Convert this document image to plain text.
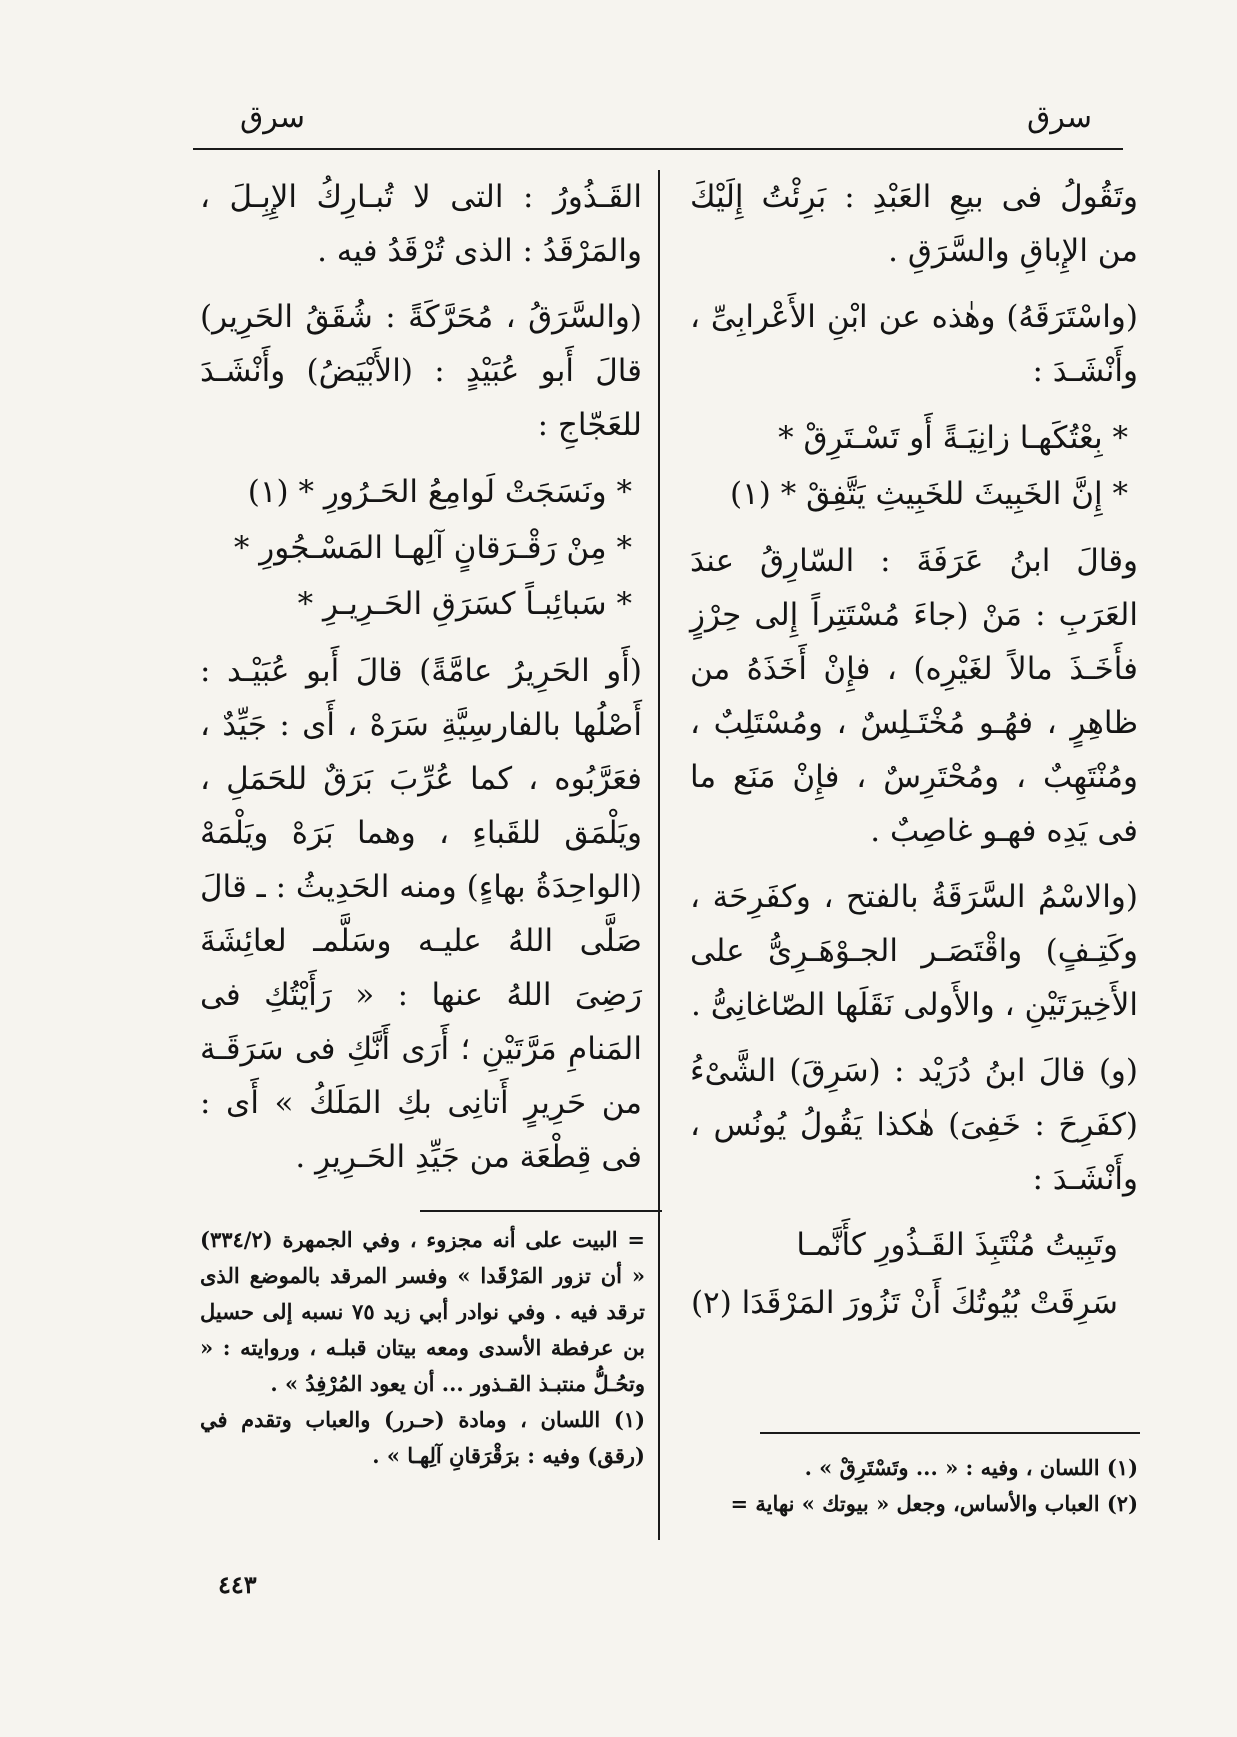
سرق
سرق

وتَقُولُ فى بيعِ العَبْدِ : بَرِئْتُ إِلَيْكَ من الإِباقِ والسَّرَقِ .

(واسْتَرَقَهُ) وهٰذه عن ابْنِ الأَعْرابِىِّ ، وأَنْشَـدَ :

* بِعْتُكَهـا زانِيَـةً أَو تَسْـتَرِقْ *

* إِنَّ الخَبِيثَ للخَبِيثِ يَتَّفِقْ * (١)

وقالَ ابنُ عَرَفَةَ : السّارِقُ عندَ العَرَبِ : مَنْ (جاءَ مُسْتَتِراً إِلى حِرْزٍ فأَخَـذَ مالاً لغَيْرِه) ، فإِنْ أَخَذَهُ من ظاهِرٍ ، فهُـو مُخْتَـلِسٌ ، ومُسْتَلِبٌ ، ومُنْتَهِبٌ ، ومُحْتَرِسٌ ، فإِنْ مَنَع ما فى يَدِه فهـو غاصِبٌ .

(والاسْمُ السَّرَقَةُ بالفتح ، وكفَرِحَة ، وكَتِـفٍ) واقْتَصَـر الجـوْهَـرِىُّ على الأَخِيرَتَيْنِ ، والأَولى نَقَلَها الصّاغانِىُّ .

(و) قالَ ابنُ دُرَيْد : (سَرِقَ) الشَّىْءُ (كفَرِحَ : خَفِىَ) هٰكذا يَقُولُ يُونُس ، وأَنْشَـدَ :

وتَبِيتُ مُنْتَبِذَ القَـذُورِ كأَنَّمـا

سَرِقَتْ بُيُوتُكَ أَنْ تَزُورَ المَرْقَدَا (٢)

القَـذُورُ : التى لا تُبـارِكُ الإِبِـلَ ، والمَرْقَدُ : الذى تُرْقَدُ فيه .

(والسَّرَقُ ، مُحَرَّكَةً : شُقَقُ الحَرِير) قالَ أَبو عُبَيْدٍ : (الأَبْيَضُ) وأَنْشَـدَ للعَجّاجِ :

* ونَسَجَتْ لَوامِعُ الحَـرُورِ * (١)

* مِنْ رَقْـرَقانٍ آلِهـا المَسْـجُورِ *

* سَبائِبـاً كسَرَقِ الحَـرِيـرِ *

(أَو الحَرِيرُ عامَّةً) قالَ أَبو عُبَيْـد : أَصْلُها بالفارسِيَّةِ سَرَهْ ، أَى : جَيِّدٌ ، فعَرَّبُوه ، كما عُرِّبَ بَرَقٌ للحَمَلِ ، ويَلْمَق للقَباءِ ، وهما بَرَهْ ويَلْمَهْ (الواحِدَةُ بهاءٍ) ومنه الحَدِيثُ : ـ قالَ صَلَّى اللهُ عليـه وسَلَّمـ لعائِشَةَ رَضِىَ اللهُ عنها : « رَأَيْتُكِ فى المَنامِ مَرَّتَيْنِ ؛ أَرَى أَنَّكِ فى سَرَقَـة من حَرِيرٍ أَتانِى بكِ المَلَكُ » أَى : فى قِطْعَة من جَيِّدِ الحَـرِيرِ .

= البيت على أنه مجزوء ، وفي الجمهرة (٣٣٤/٢) « أن تزور المَرْقَدا » وفسر المرقد بالموضع الذى ترقد فيه . وفي نوادر أبي زيد ٧٥ نسبه إلى حسيل بن عرفطة الأسدى ومعه بيتان قبلـه ، وروايته : « وتحُـلُّ منتبـذ القـذور ... أن يعود المُرْفِدُ » .

(١) اللسان ، ومادة (حـرر) والعباب وتقدم في (رقق) وفيه : برَقْرَقانِ آلِهـا » .	(١) اللسان ، وفيه : « ... وتَسْتَرِقْ » .

(٢) العباب والأساس، وجعل « بيوتك » نهاية =

٤٤٣
